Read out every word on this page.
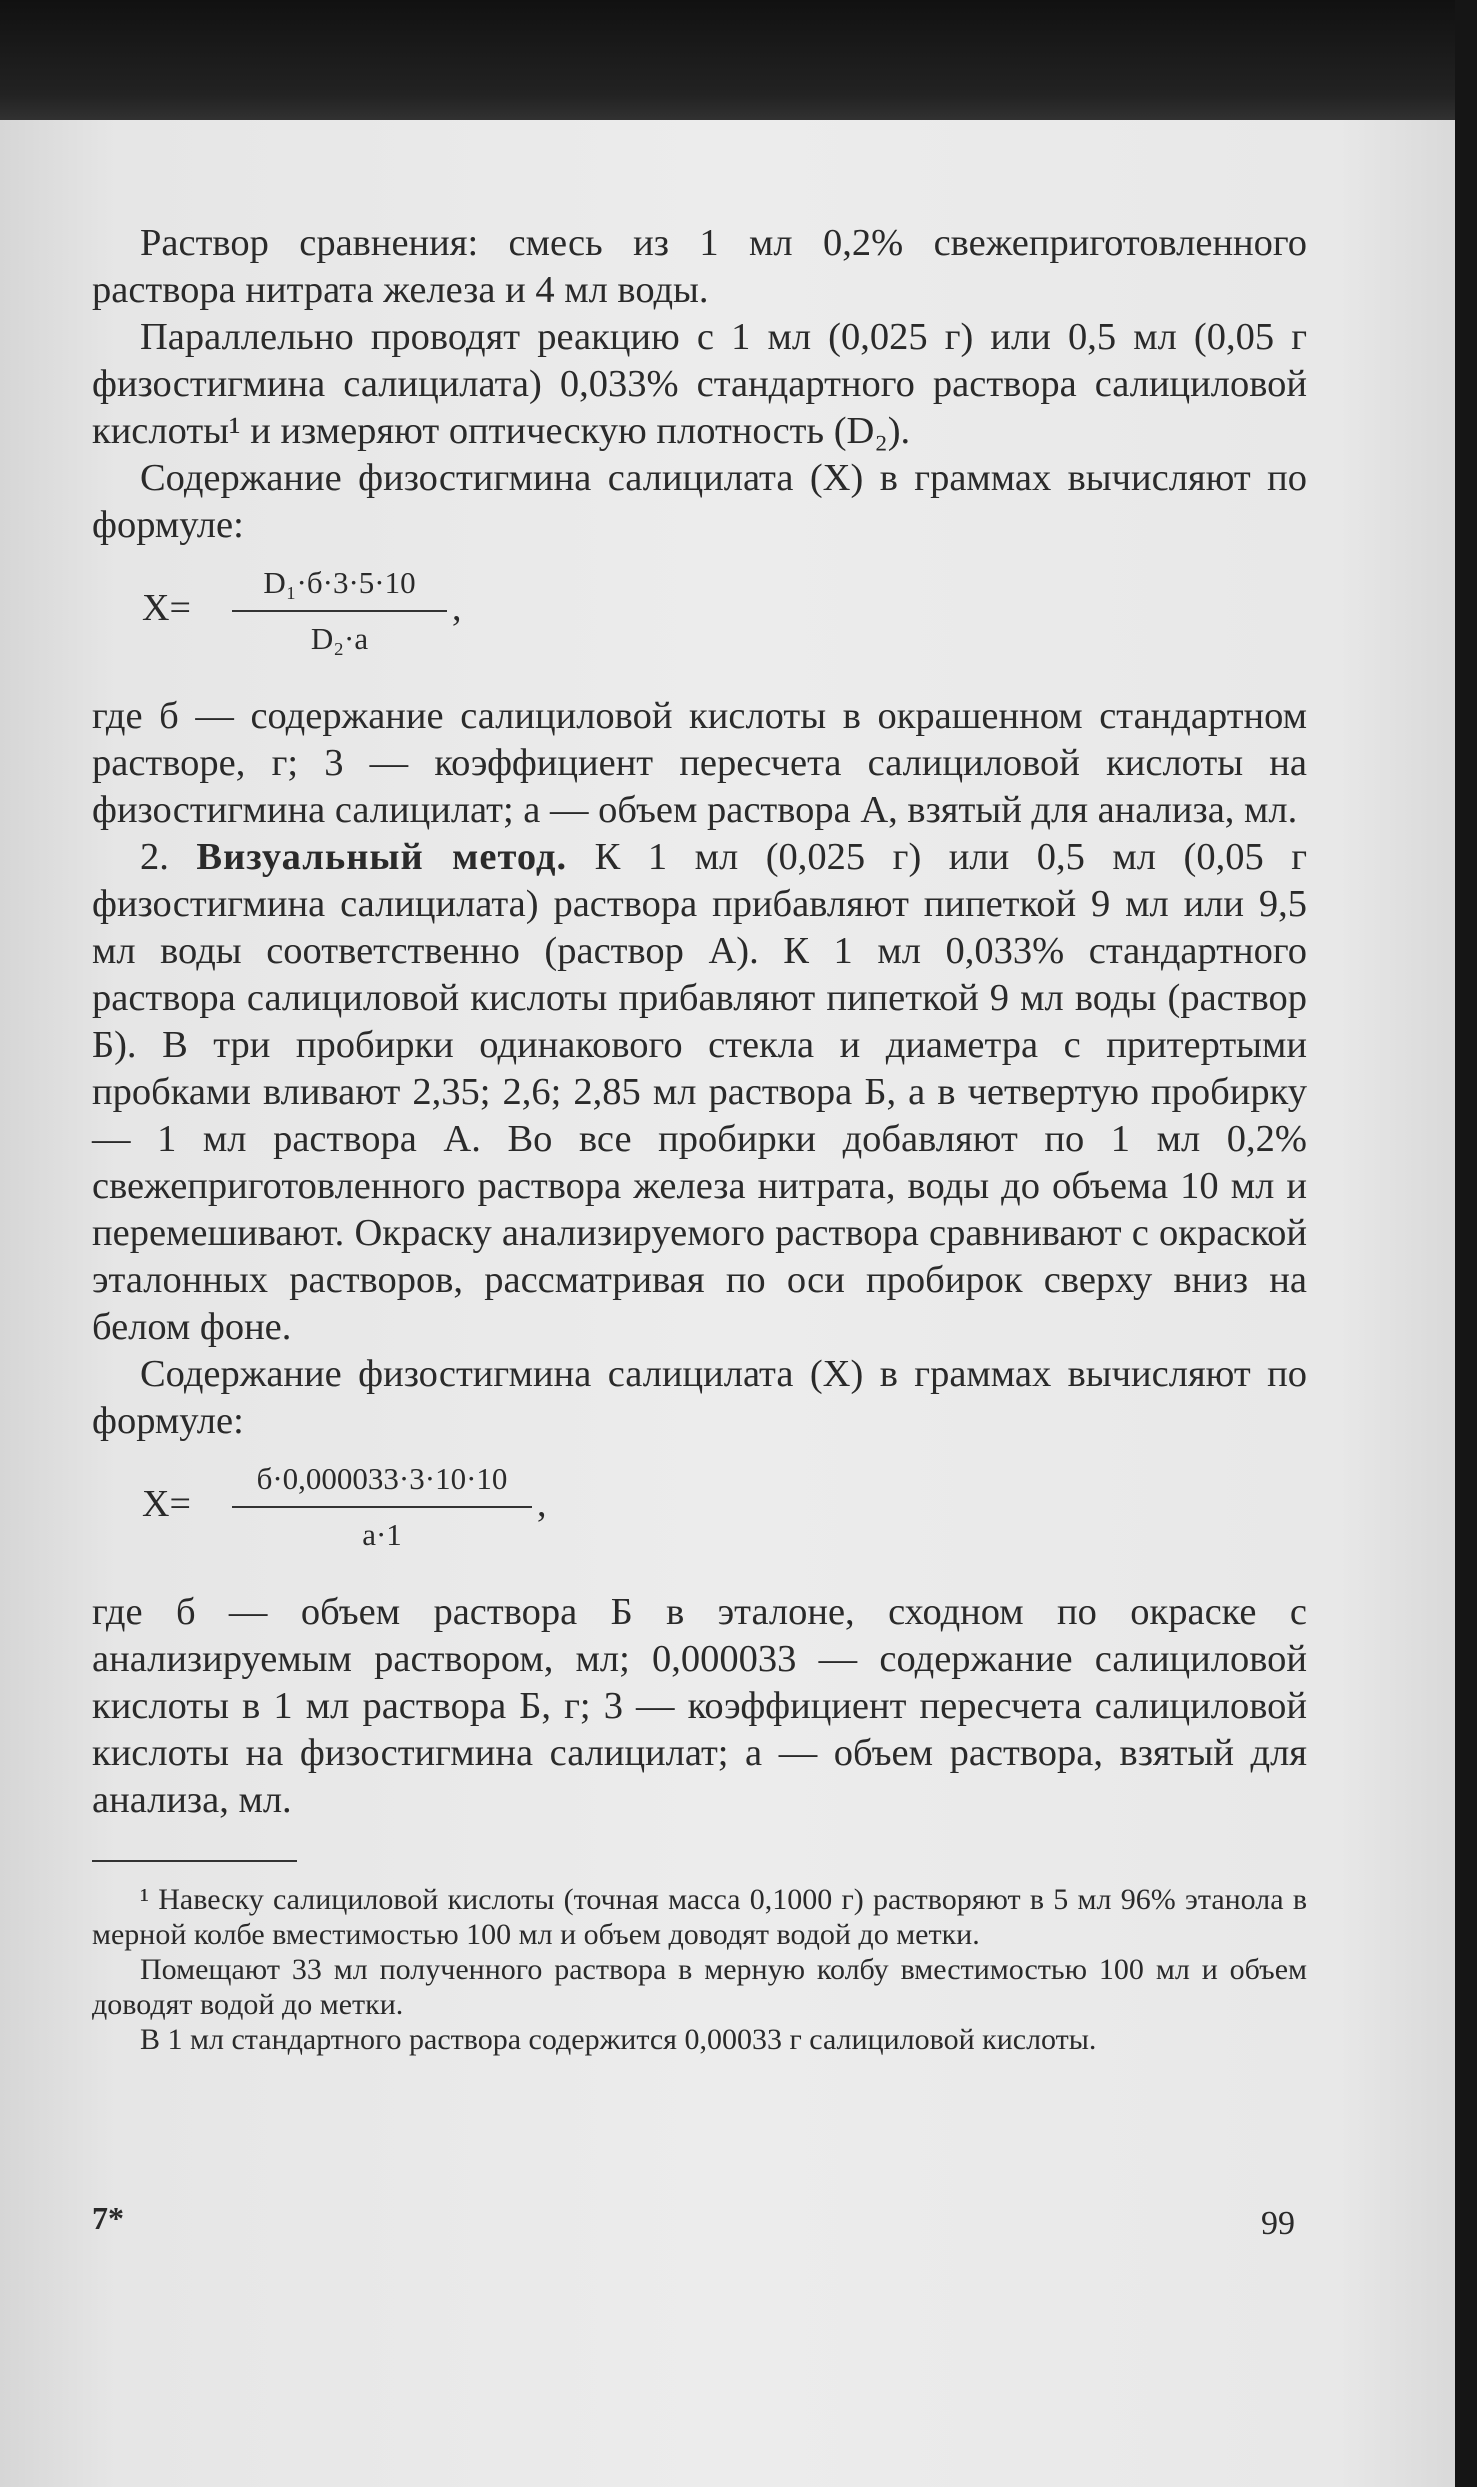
Раствор сравнения: смесь из 1 мл 0,2% свежеприготовленного раствора нитрата железа и 4 мл воды.

Параллельно проводят реакцию с 1 мл (0,025 г) или 0,5 мл (0,05 г физостигмина салицилата) 0,033% стандартного раствора салициловой кислоты¹ и измеряют оптическую плотность (D₂).

Содержание физостигмина салицилата (X) в граммах вычисляют по формуле:

X=
D₁·б·3·5·10
D₂·a
,

где б — содержание салициловой кислоты в окрашенном стандартном растворе, г; 3 — коэффициент пересчета салициловой кислоты на физостигмина салицилат; а — объем раствора А, взятый для анализа, мл.

2. Визуальный метод. К 1 мл (0,025 г) или 0,5 мл (0,05 г физостигмина салицилата) раствора прибавляют пипеткой 9 мл или 9,5 мл воды соответственно (раствор А). К 1 мл 0,033% стандартного раствора салициловой кислоты прибавляют пипеткой 9 мл воды (раствор Б). В три пробирки одинакового стекла и диаметра с притертыми пробками вливают 2,35; 2,6; 2,85 мл раствора Б, а в четвертую пробирку — 1 мл раствора А. Во все пробирки добавляют по 1 мл 0,2% свежеприготовленного раствора железа нитрата, воды до объема 10 мл и перемешивают. Окраску анализируемого раствора сравнивают с окраской эталонных растворов, рассматривая по оси пробирок сверху вниз на белом фоне.

Содержание физостигмина салицилата (X) в граммах вычисляют по формуле:

X=
б·0,000033·3·10·10
a·1
,

где б — объем раствора Б в эталоне, сходном по окраске с анализируемым раствором, мл; 0,000033 — содержание салициловой кислоты в 1 мл раствора Б, г; 3 — коэффициент пересчета салициловой кислоты на физостигмина салицилат; а — объем раствора, взятый для анализа, мл.

¹ Навеску салициловой кислоты (точная масса 0,1000 г) растворяют в 5 мл 96% этанола в мерной колбе вместимостью 100 мл и объем доводят водой до метки.

Помещают 33 мл полученного раствора в мерную колбу вместимостью 100 мл и объем доводят водой до метки.

В 1 мл стандартного раствора содержится 0,00033 г салициловой кислоты.

7*	99
